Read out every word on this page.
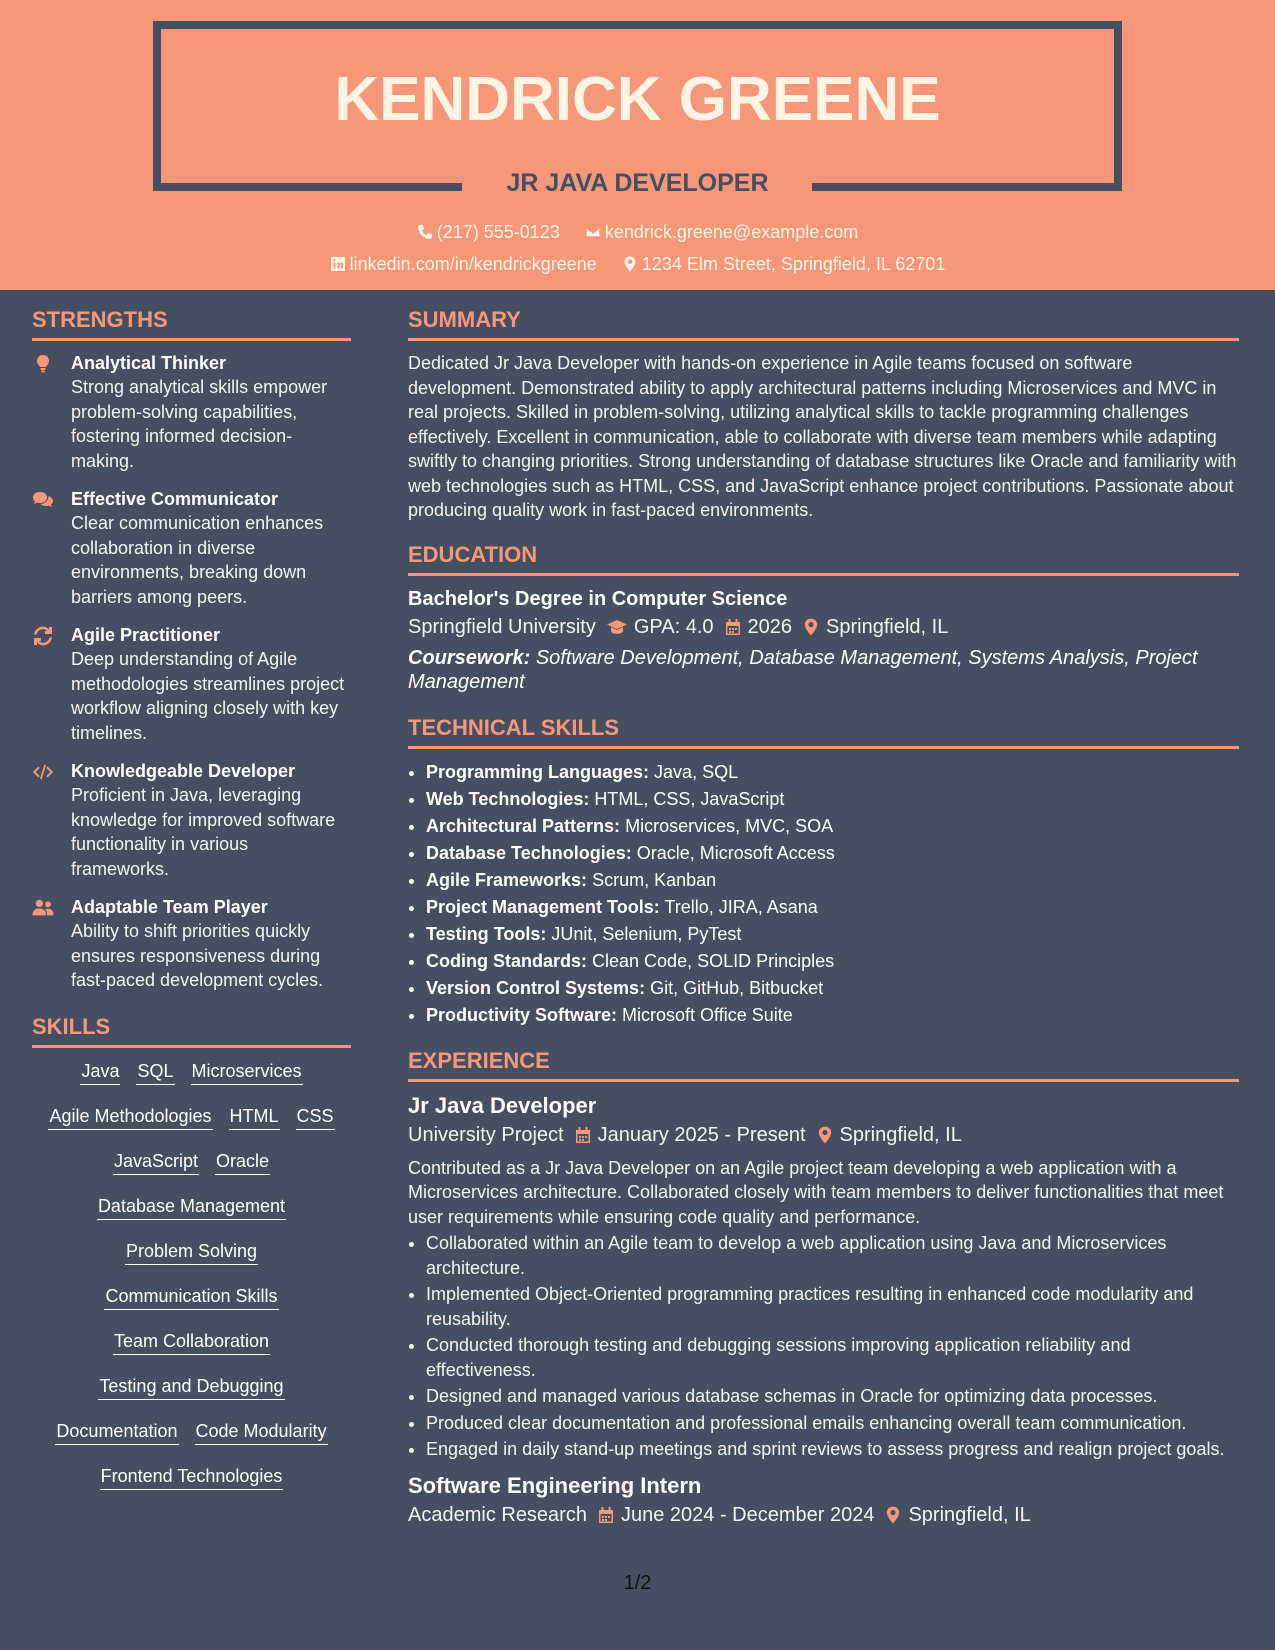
KENDRICK GREENE
JR JAVA DEVELOPER
(217) 555-0123	kendrick.greene@example.com
linkedin.com/in/kendrickgreene	1234 Elm Street, Springfield, IL 62701
STRENGTHS
Analytical Thinker
Strong analytical skills empower problem-solving capabilities, fostering informed decision-making.
Effective Communicator
Clear communication enhances collaboration in diverse environments, breaking down barriers among peers.
Agile Practitioner
Deep understanding of Agile methodologies streamlines project workflow aligning closely with key timelines.
Knowledgeable Developer
Proficient in Java, leveraging knowledge for improved software functionality in various frameworks.
Adaptable Team Player
Ability to shift priorities quickly ensures responsiveness during fast-paced development cycles.
SKILLS
Java SQL Microservices
Agile Methodologies HTML CSS
JavaScript Oracle
Database Management
Problem Solving
Communication Skills
Team Collaboration
Testing and Debugging
Documentation Code Modularity
Frontend Technologies
SUMMARY
Dedicated Jr Java Developer with hands-on experience in Agile teams focused on software development. Demonstrated ability to apply architectural patterns including Microservices and MVC in real projects. Skilled in problem-solving, utilizing analytical skills to tackle programming challenges effectively. Excellent in communication, able to collaborate with diverse team members while adapting swiftly to changing priorities. Strong understanding of database structures like Oracle and familiarity with web technologies such as HTML, CSS, and JavaScript enhance project contributions. Passionate about producing quality work in fast-paced environments.
EDUCATION
Bachelor's Degree in Computer Science
Springfield University GPA: 4.0 2026 Springfield, IL
Coursework: Software Development, Database Management, Systems Analysis, Project Management
TECHNICAL SKILLS
• Programming Languages: Java, SQL
• Web Technologies: HTML, CSS, JavaScript
• Architectural Patterns: Microservices, MVC, SOA
• Database Technologies: Oracle, Microsoft Access
• Agile Frameworks: Scrum, Kanban
• Project Management Tools: Trello, JIRA, Asana
• Testing Tools: JUnit, Selenium, PyTest
• Coding Standards: Clean Code, SOLID Principles
• Version Control Systems: Git, GitHub, Bitbucket
• Productivity Software: Microsoft Office Suite
EXPERIENCE
Jr Java Developer
University Project January 2025 - Present Springfield, IL
Contributed as a Jr Java Developer on an Agile project team developing a web application with a Microservices architecture. Collaborated closely with team members to deliver functionalities that meet user requirements while ensuring code quality and performance.
• Collaborated within an Agile team to develop a web application using Java and Microservices architecture.
• Implemented Object-Oriented programming practices resulting in enhanced code modularity and reusability.
• Conducted thorough testing and debugging sessions improving application reliability and effectiveness.
• Designed and managed various database schemas in Oracle for optimizing data processes.
• Produced clear documentation and professional emails enhancing overall team communication.
• Engaged in daily stand-up meetings and sprint reviews to assess progress and realign project goals.
Software Engineering Intern
Academic Research June 2024 - December 2024 Springfield, IL
1/2
